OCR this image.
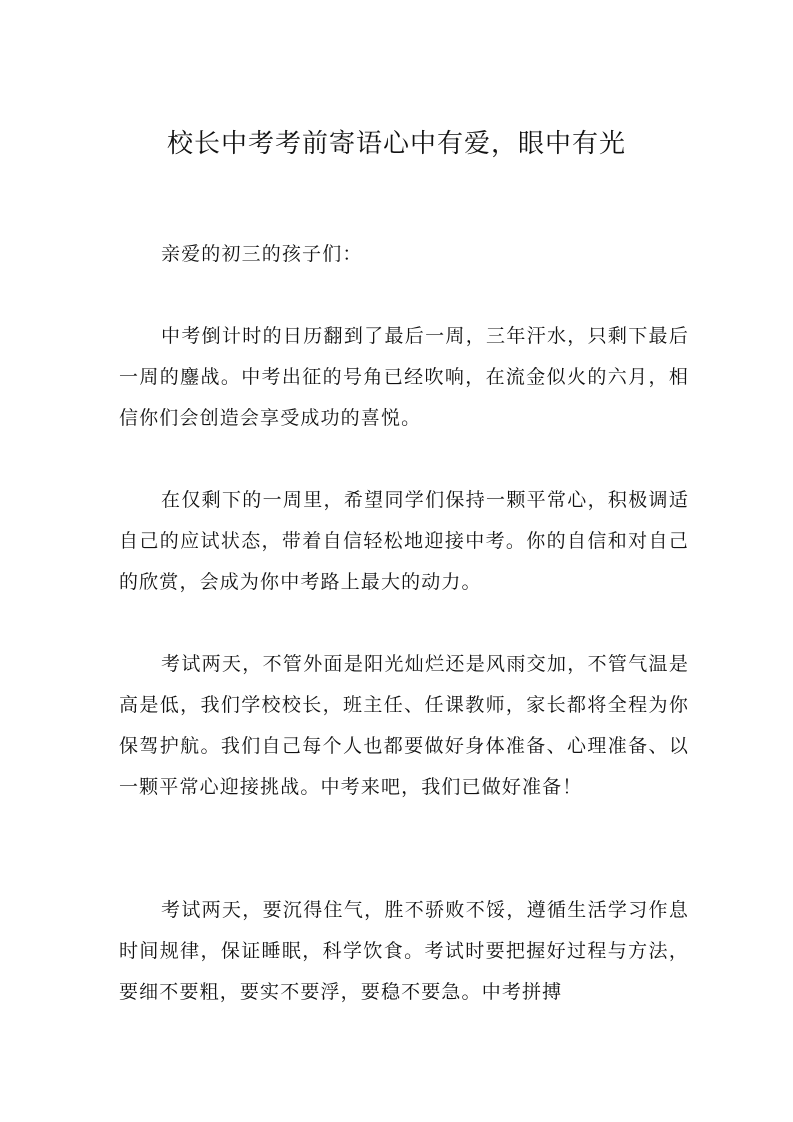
校长中考考前寄语心中有爱，眼中有光

亲爱的初三的孩子们：

中考倒计时的日历翻到了最后一周，三年汗水，只剩下最后一周的鏖战。中考出征的号角已经吹响，在流金似火的六月，相信你们会创造会享受成功的喜悦。

在仅剩下的一周里，希望同学们保持一颗平常心，积极调适自己的应试状态，带着自信轻松地迎接中考。你的自信和对自己的欣赏，会成为你中考路上最大的动力。

考试两天，不管外面是阳光灿烂还是风雨交加，不管气温是高是低，我们学校校长，班主任、任课教师，家长都将全程为你保驾护航。我们自己每个人也都要做好身体准备、心理准备、以一颗平常心迎接挑战。中考来吧，我们已做好准备！

考试两天，要沉得住气，胜不骄败不馁，遵循生活学习作息时间规律，保证睡眠，科学饮食。考试时要把握好过程与方法，要细不要粗，要实不要浮，要稳不要急。中考拼搏
